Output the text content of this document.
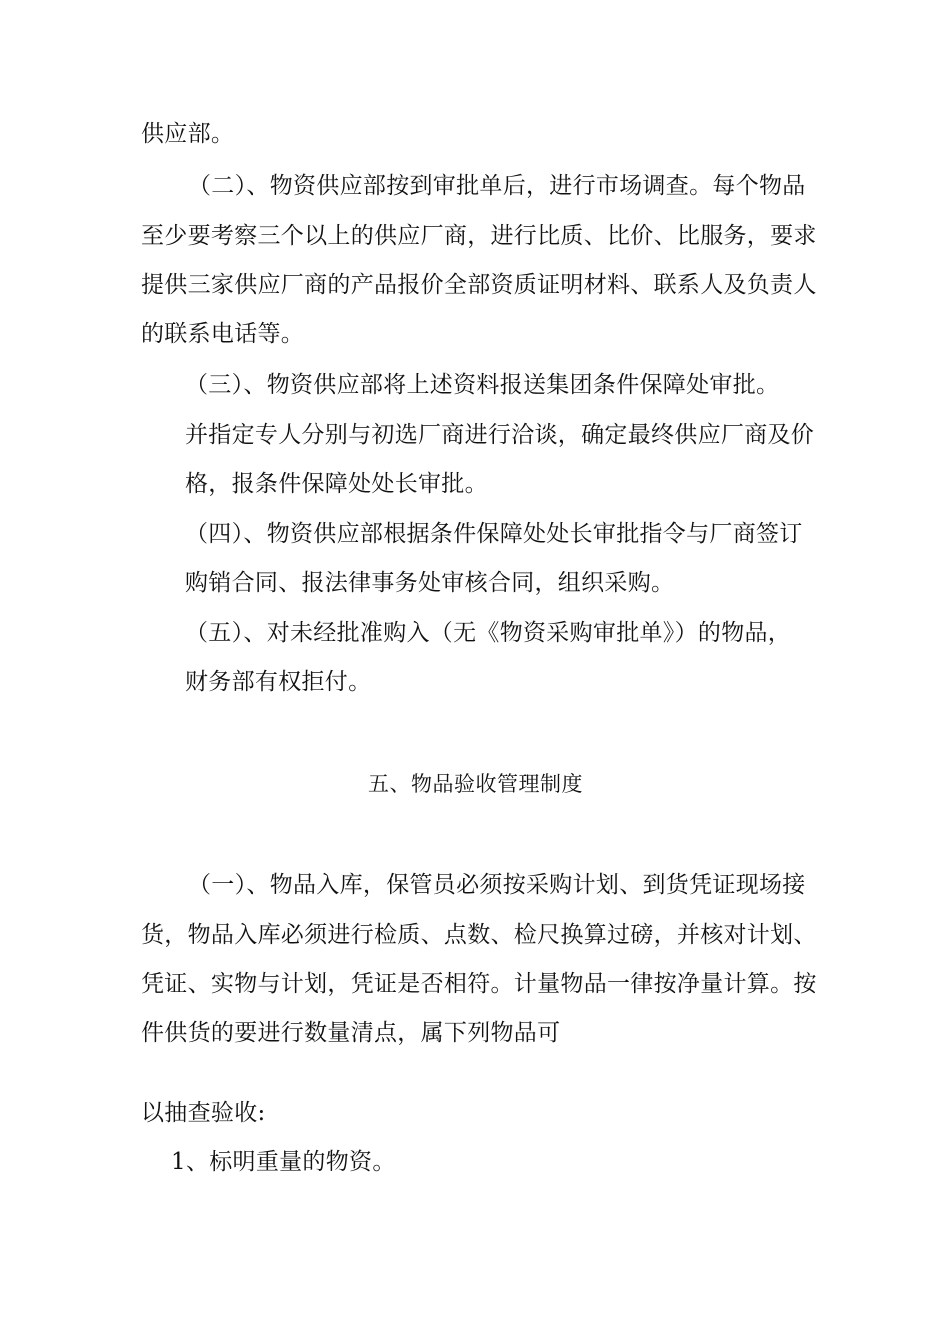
供应部。
（二）、物资供应部按到审批单后，进行市场调查。每个物品
至少要考察三个以上的供应厂商，进行比质、比价、比服务，要求
提供三家供应厂商的产品报价全部资质证明材料、联系人及负责人
的联系电话等。
（三）、物资供应部将上述资料报送集团条件保障处审批。
并指定专人分别与初选厂商进行洽谈，确定最终供应厂商及价
格，报条件保障处处长审批。
（四）、物资供应部根据条件保障处处长审批指令与厂商签订
购销合同、报法律事务处审核合同，组织采购。
（五）、对未经批准购入（无《物资采购审批单》）的物品，
财务部有权拒付。
五、物品验收管理制度
（一）、物品入库，保管员必须按采购计划、到货凭证现场接
货，物品入库必须进行检质、点数、检尺换算过磅，并核对计划、
凭证、实物与计划，凭证是否相符。计量物品一律按净量计算。按
件供货的要进行数量清点，属下列物品可
以抽查验收:
1、标明重量的物资。
